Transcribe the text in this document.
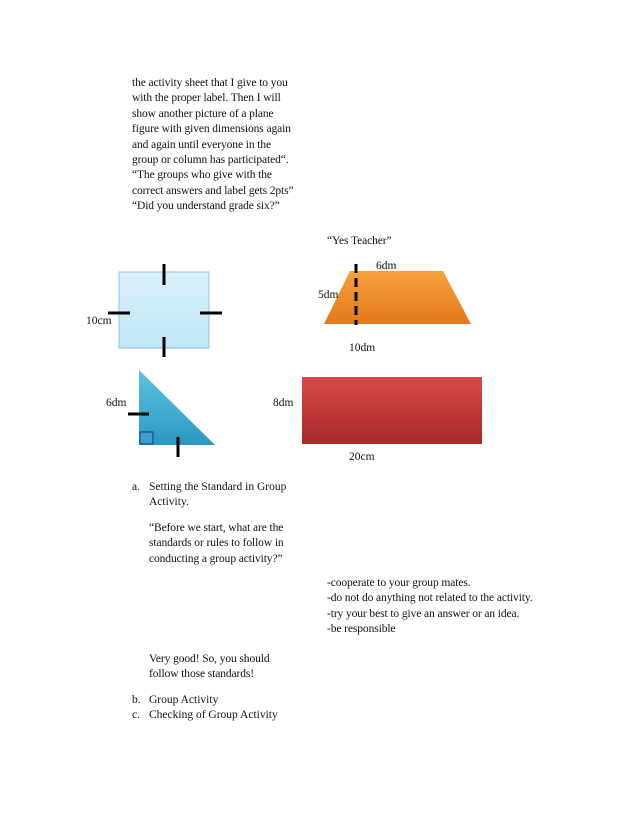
the activity sheet that I give to you
with the proper label. Then I will
show another picture of a plane
figure with given dimensions again
and again until everyone in the
group or column has participated“.
“The groups who give with the
correct answers and label gets 2pts”
“Did you understand grade six?”
“Yes Teacher”
10cm
6dm
5dm
10dm
6dm	8dm
20cm
a. Setting the Standard in Group
Activity.
“Before we start, what are the
standards or rules to follow in
conducting a group activity?”
-cooperate to your group mates.
-do not do anything not related to the activity.
-try your best to give an answer or an idea.
-be responsible
Very good! So, you should
follow those standards!
b. Group Activity
c. Checking of Group Activity
